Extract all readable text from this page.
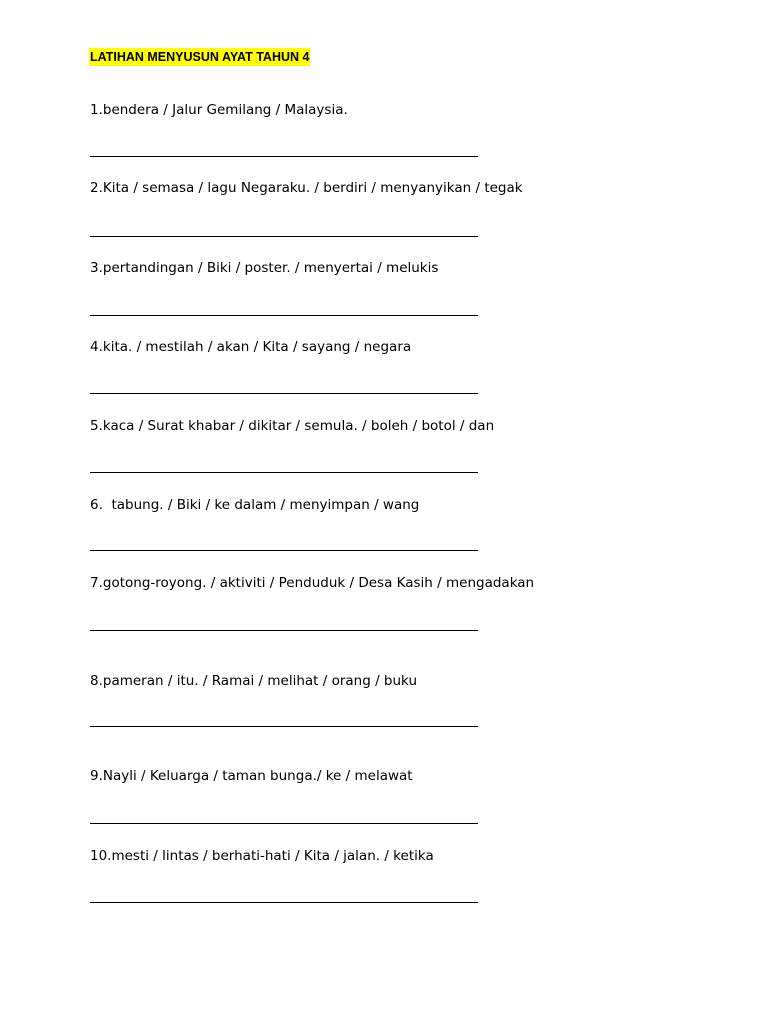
LATIHAN MENYUSUN AYAT TAHUN 4
1.bendera / Jalur Gemilang / Malaysia.
2.Kita / semasa / lagu Negaraku. / berdiri / menyanyikan / tegak
3.pertandingan / Biki / poster. / menyertai / melukis
4.kita. / mestilah / akan / Kita / sayang / negara
5.kaca / Surat khabar / dikitar / semula. / boleh / botol / dan
6.  tabung. / Biki / ke dalam / menyimpan / wang
7.gotong-royong. / aktiviti / Penduduk / Desa Kasih / mengadakan
8.pameran / itu. / Ramai / melihat / orang / buku
9.Nayli / Keluarga / taman bunga./ ke / melawat
10.mesti / lintas / berhati-hati / Kita / jalan. / ketika
